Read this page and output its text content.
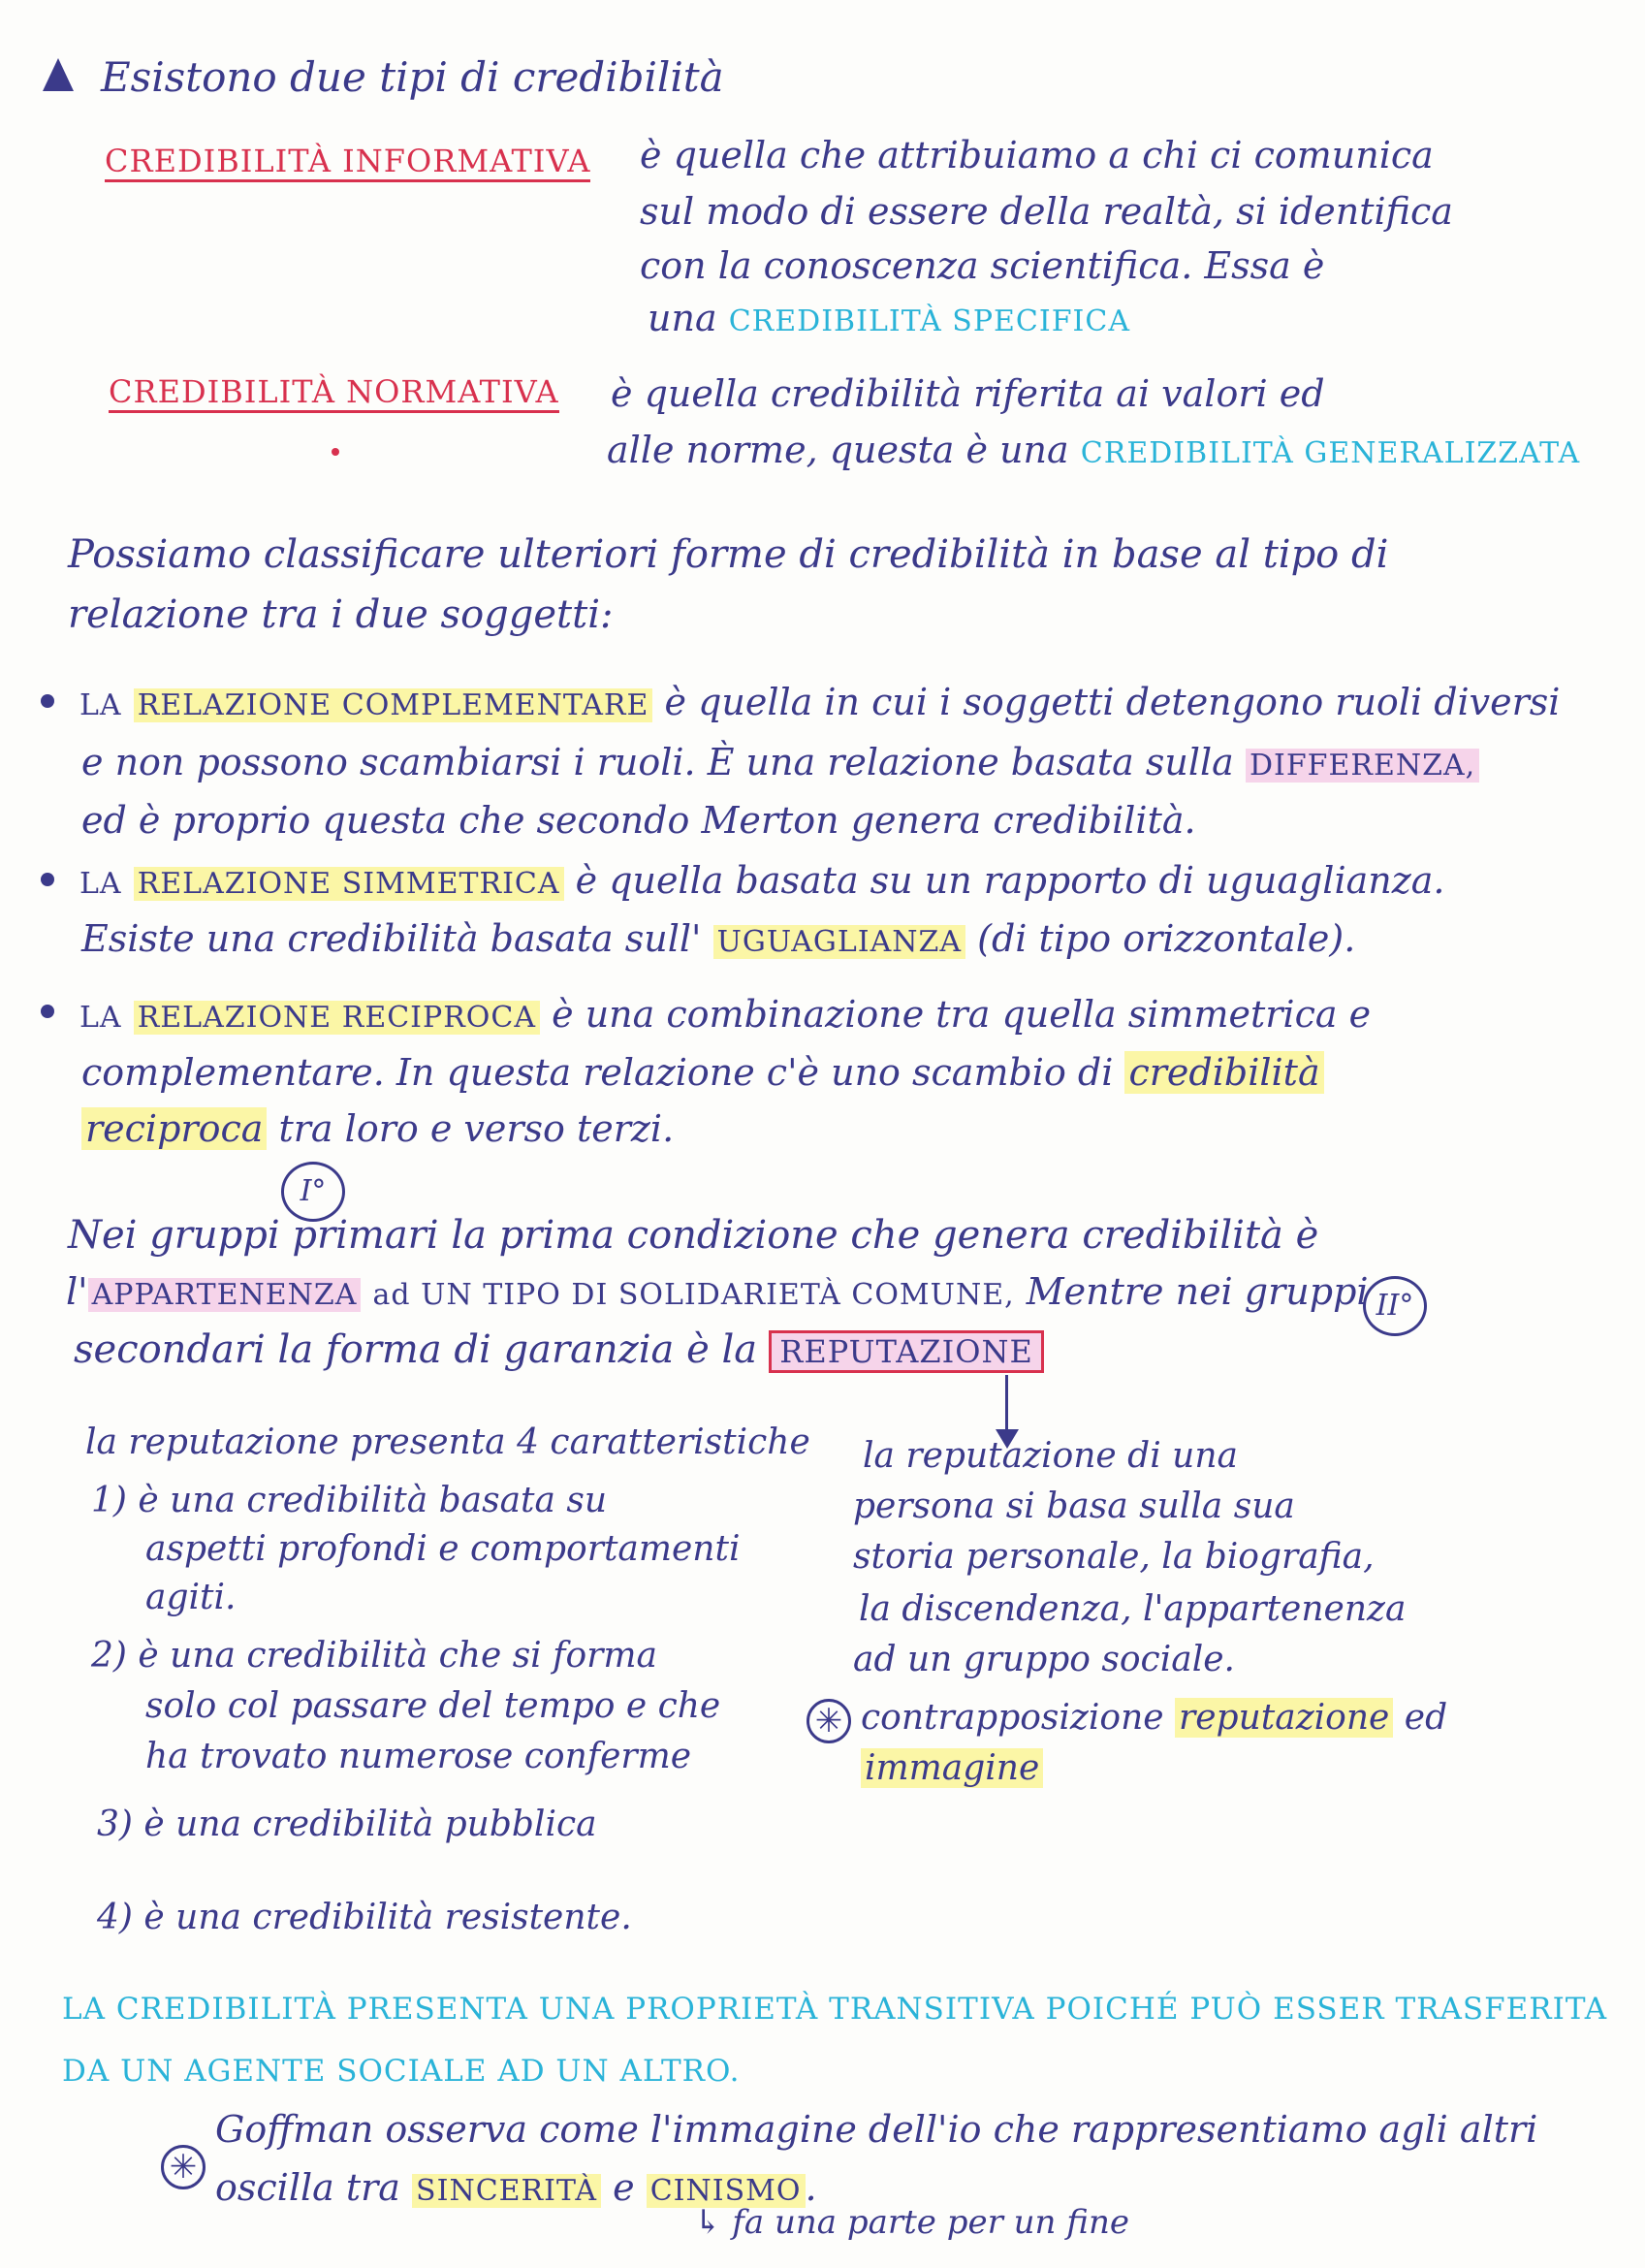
Esistono due tipi di credibilità
CREDIBILITÀ INFORMATIVA è quella che attribuiamo a chi ci comunica
sul modo di essere della realtà, si identifica
con la conoscenza scientifica. Essa è
una CREDIBILITÀ SPECIFICA
CREDIBILITÀ NORMATIVA è quella credibilità riferita ai valori ed
alle norme, questa è una CREDIBILITÀ GENERALIZZATA
Possiamo classificare ulteriori forme di credibilità in base al tipo di
relazione tra i due soggetti:
LA RELAZIONE COMPLEMENTARE è quella in cui i soggetti detengono ruoli diversi
e non possono scambiarsi i ruoli. È una relazione basata sulla DIFFERENZA,
ed è proprio questa che secondo Merton genera credibilità.
LA RELAZIONE SIMMETRICA è quella basata su un rapporto di uguaglianza.
Esiste una credibilità basata sull' UGUAGLIANZA (di tipo orizzontale).
LA RELAZIONE RECIPROCA è una combinazione tra quella simmetrica e
complementare. In questa relazione c'è uno scambio di credibilità
reciproca tra loro e verso terzi.
I°
Nei gruppi primari la prima condizione che genera credibilità è
l' APPARTENENZA ad UN TIPO DI SOLIDARIETÀ COMUNE, Mentre nei gruppi II°
secondari la forma di garanzia è la REPUTAZIONE
la reputazione presenta 4 caratteristiche
1) è una credibilità basata su
aspetti profondi e comportamenti
agiti.
2) è una credibilità che si forma
solo col passare del tempo e che
ha trovato numerose conferme
3) è una credibilità pubblica
4) è una credibilità resistente.
la reputazione di una
persona si basa sulla sua
storia personale, la biografia,
la discendenza, l'appartenenza
ad un gruppo sociale.
✳ contrapposizione reputazione ed
immagine
LA CREDIBILITÀ PRESENTA UNA PROPRIETÀ TRANSITIVA POICHÉ PUÒ ESSER TRASFERITA
DA UN AGENTE SOCIALE AD UN ALTRO.
✳
Goffman osserva come l'immagine dell'io che rappresentiamo agli altri
oscilla tra SINCERITÀ e CINISMO .
↳ fa una parte per un fine
